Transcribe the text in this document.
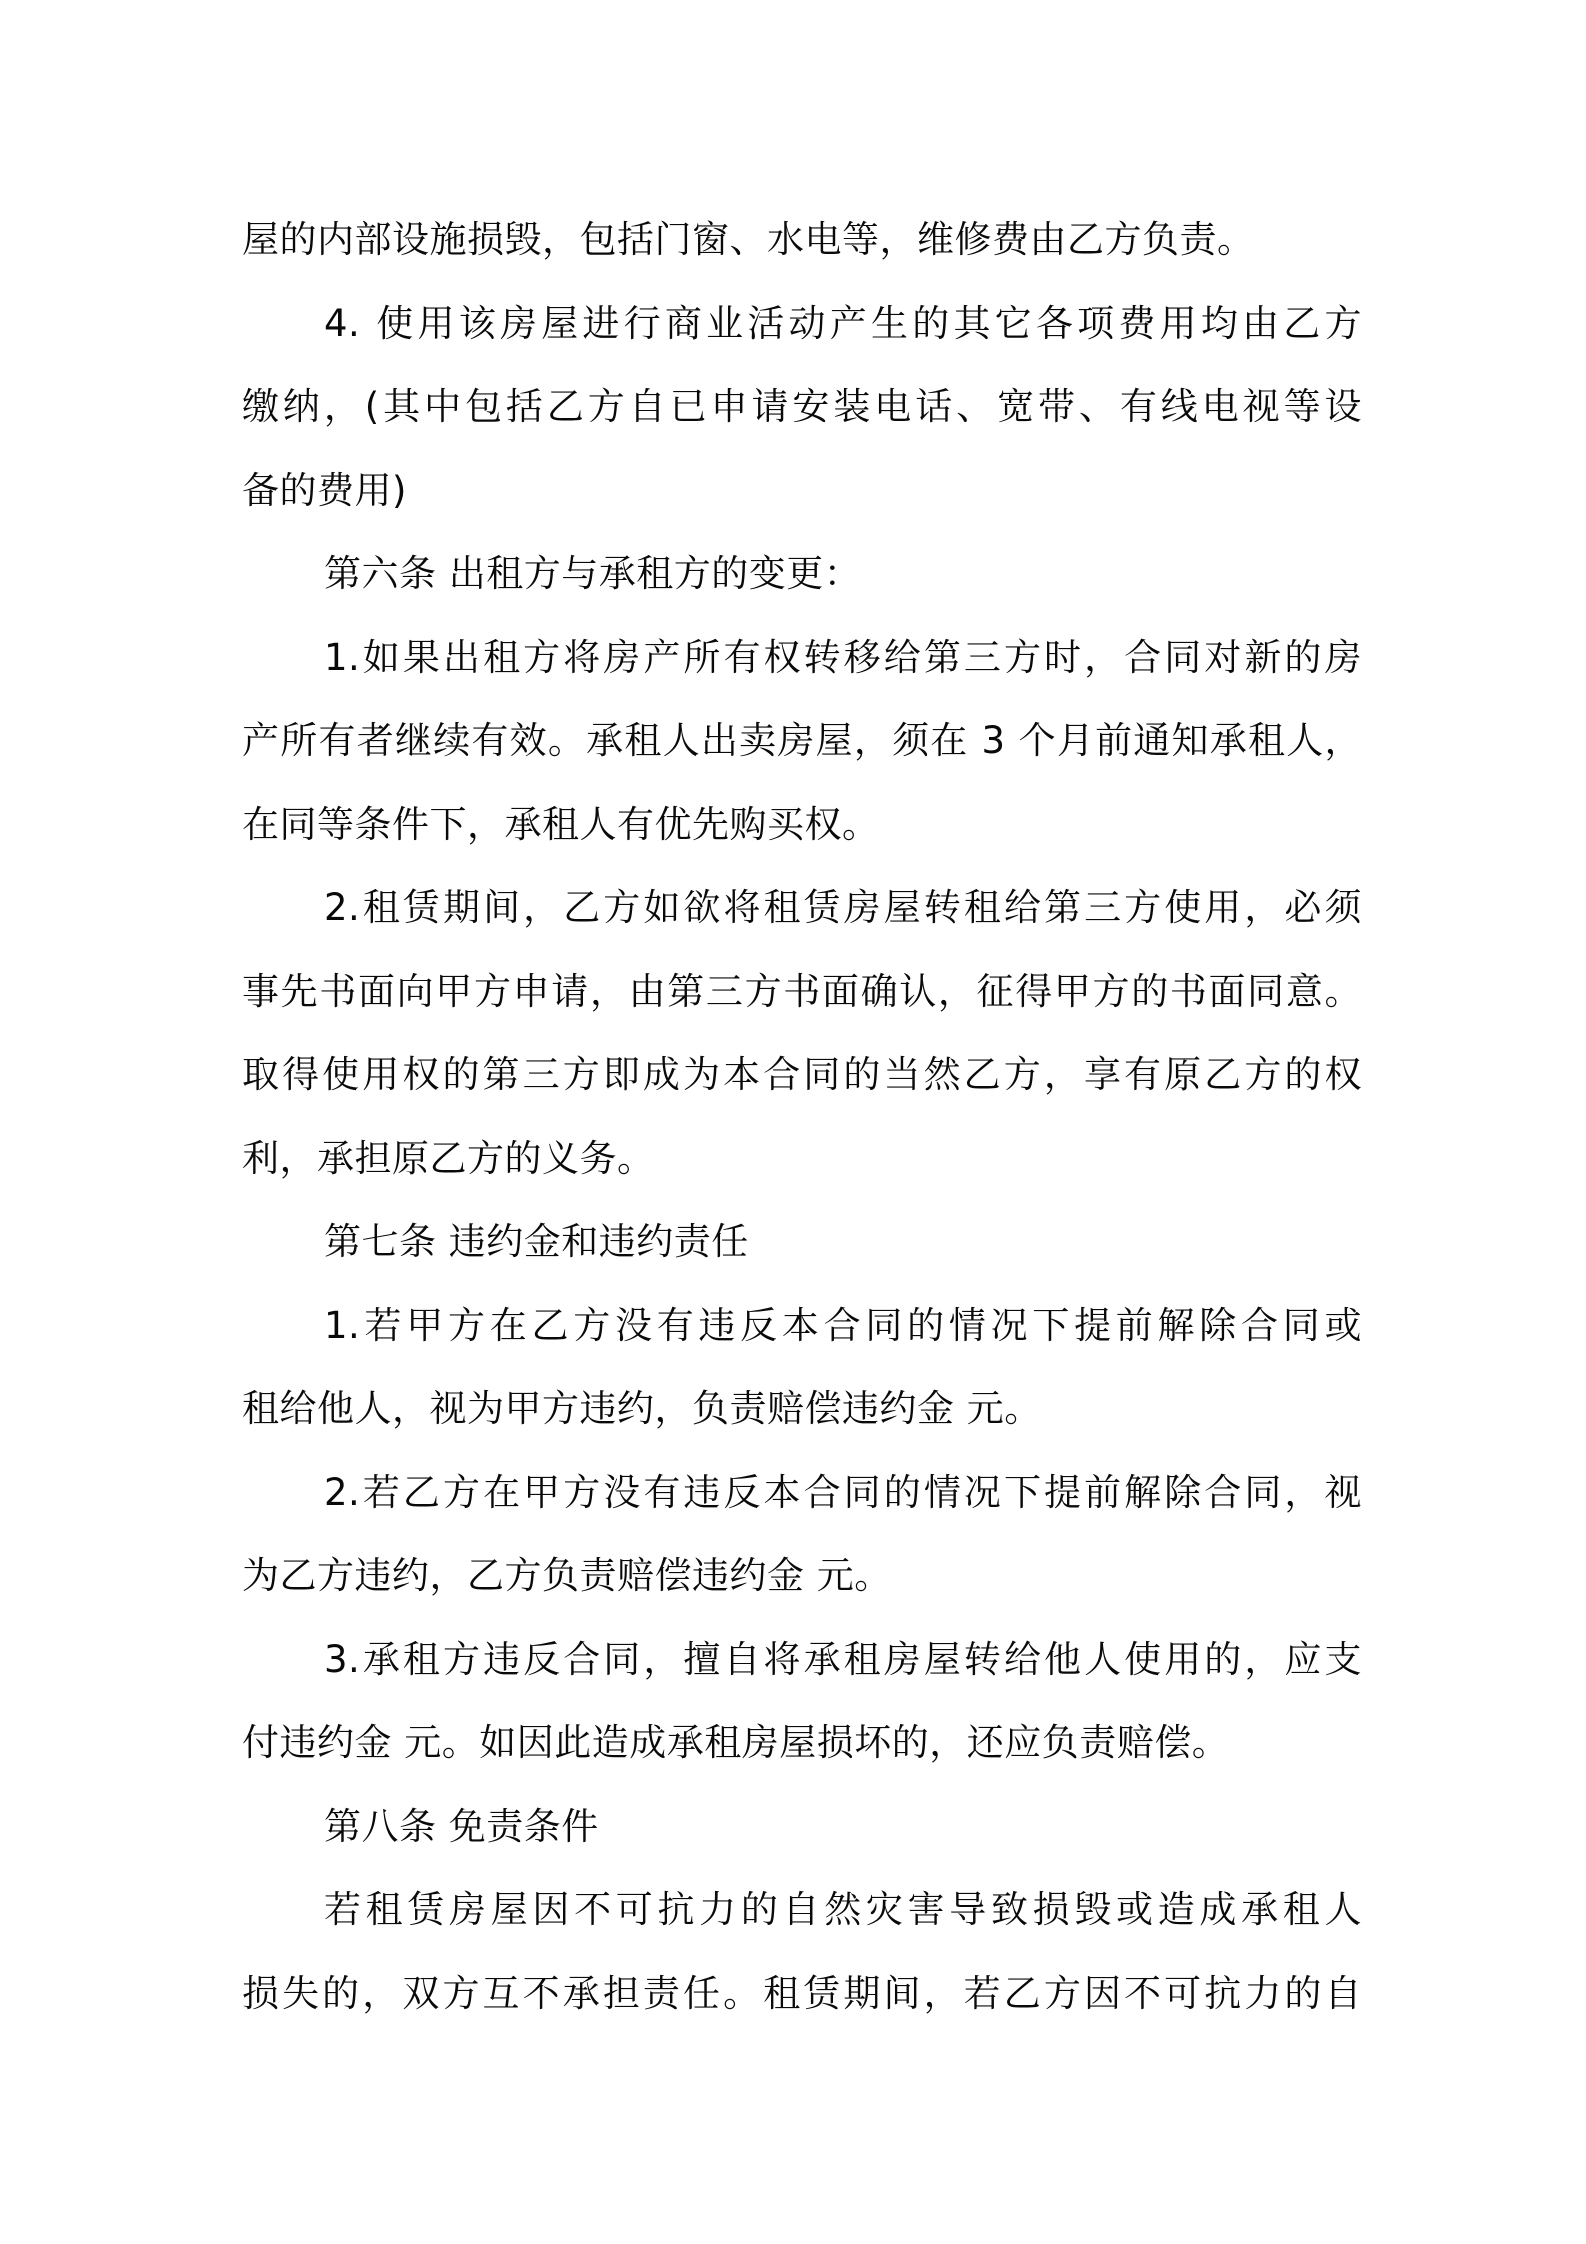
屋的内部设施损毁，包括门窗、水电等，维修费由乙方负责。
4. 使用该房屋进行商业活动产生的其它各项费用均由乙方
缴纳，(其中包括乙方自已申请安装电话、宽带、有线电视等设
备的费用)
第六条 出租方与承租方的变更：
1.如果出租方将房产所有权转移给第三方时，合同对新的房
产所有者继续有效。承租人出卖房屋，须在 3 个月前通知承租人，
在同等条件下，承租人有优先购买权。
2.租赁期间，乙方如欲将租赁房屋转租给第三方使用，必须
事先书面向甲方申请，由第三方书面确认，征得甲方的书面同意。
取得使用权的第三方即成为本合同的当然乙方，享有原乙方的权
利，承担原乙方的义务。
第七条 违约金和违约责任
1.若甲方在乙方没有违反本合同的情况下提前解除合同或
租给他人，视为甲方违约，负责赔偿违约金 元。
2.若乙方在甲方没有违反本合同的情况下提前解除合同，视
为乙方违约，乙方负责赔偿违约金 元。
3.承租方违反合同，擅自将承租房屋转给他人使用的，应支
付违约金 元。如因此造成承租房屋损坏的，还应负责赔偿。
第八条 免责条件
若租赁房屋因不可抗力的自然灾害导致损毁或造成承租人
损失的，双方互不承担责任。租赁期间，若乙方因不可抗力的自
